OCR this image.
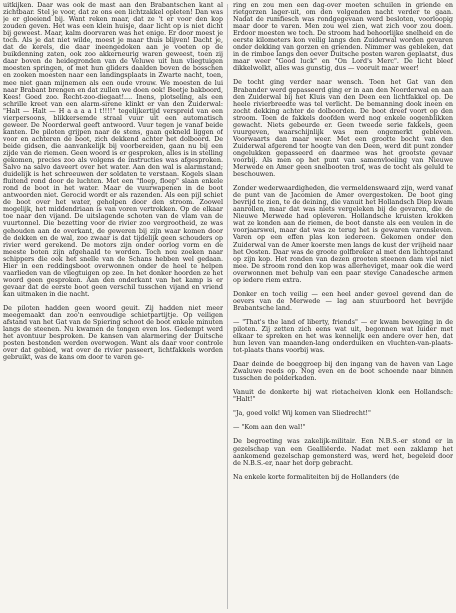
uitkijken. Daar was ook de mast aan den Brabantschen kant al zichtbaar. Stel je voor, dat ze ons een lichtzakkel opleten! Dan was je er gloeiend bij. Want reken maar, dat ze 't er voor den kop zouden geven. Het was een klein huisje, daar licht op is niet dicht bij geweest. Maar, kalm doorvaren was het enige. Er door moest je toch. Als je dat niet wilde, moest je maar thuis blijven! Dacht je, dat de kerels, die daar ineengedoken aan je voeten op de buikdenning zaten, ook zoo akkerneurig waren geweest, toen zij daar boven de heidegronden van de Veluwe uit hun vliegtuigen moesten springen, of met hun gliders daalden boven de bosschen en zooken moesten naar een landingsplaats in Zwarte nacht, toen, mee niet gaan mijnemen als een oude vrouw. We moesten de lui naar Brabant brengen en dat zullen we doen ook! Beetje bakboord, Kees! Goed zoo. Recht-zoo-diegaat!.... Inens, plotseling, als een schrille kreet van een alarm-sirene klinkt er van den Zuiderwal: "Halt — Halt — H a a a a l t!!!!" tegelijkertijd verspreid van een vierpersoons, blikkersemde straal vuur uit een automatisch geweer. De Noorderwal geeft antwoord. Vuur tegen je vanaf beide kanten. De piloten grijpen naar de stens, gaan gekneld liggen of voor en achteren de boot, zich dekkend achter het dolboord. De beide gidsen, die aanvankelijk bij voorbereiden, gaan nu bij een zijde van de riemen. Geen woord is er gesproken, alles is in stelling gekomen, precies zoo als volgens de instructies was afgesproken. Salvo na salvo daveert over het water. Aan den wal is alarmstand; duidelijk is het schreeuwen der soldaten te verstaan. Kogels slaan fluitend rond door de luchten. Met een "floep, floep" slaan enkele rond de boot in het water. Maar de vuurwapenen in de boot antwoorden niet. Gerocid wordt er als razenden. Als een pijl schiet de boot over het water, geholpen door den stroom. Zoowel mogelijk, het middendriaan is van voren vertrokken. Op de elkaar toe naar den vijand. De uitslagende schoten van de vlam van de vuurtonnel. Die bezetting voor de rivier zoo vergrootheid, ze was gehouden aan de overkant, de geweren bij zijn waar komen door de dekken en de wal, zoo zwaar is dat tijdelijk geen schouders op rivier werd gerekend. De motors zijn onder oorlog vorm en de meeste boten zijn afgehaald te worden. Toch nou zoeken naar schippers die ook het snelle van de Schans hebben wel gedaan. Hier in een reddingsboot overwonnen onder de heel te helpen vaarlieden van de vliegtuigen op zee. In het donker hoorden ze het woord geen gesproken. Aan den onderkant van het kamp is er gevaar dat de eerste boot geen verschil tusschen vijand en vriend kan uitmaken in die nacht.

De piloten hadden geen woord geuit. Zij hadden niet meer meegemaakt dan zoo'n eenvoudige schietpartijtje. Op veiligen afstand van het Gat van de Spiering schoot de boot enkele minuten langs de steenen. Nu kwamen de tongen even los. Gedempt werd het avontuur besproken. De kansen van alarmering der Duitsche posten bestonden werden overwogen. Want als daar voor controle over dat gebied, wat over de rivier passeert, lichtfakkels worden gebruikt, was de kans om door te varen ge-

ring en zou men een dag-over moeten schuilen in griende en rietgorzen lager-uit, om den volgenden nacht verder te gaan. Nadat de rumfiesch was rondgegevaan werd besloten, voorloopig maar door te varen. Men zou wel zien, wat zich voor zou doen. Erdoor moesten we toch. De stroom had behoorlijke snelheid en de eerste kilometers kon veilig langs den Zuiderwal worden gevaren onder dekking van gorzen en grienden. Nimmer was gebleken, dat in de rimboe langs den oever Duitsche posten waren geplaatst, dus maar weer "Good luck" en "On Lord's Merc". De licht bleef dikkelwolkt, alles was gunstig, dus — vooruit maar weer!

De tocht ging verder naar wensch. Toen het Gat van den Brabander werd gepasseerd ging er in aan den Noorderwal en aan den Zuiderwal bij het Kluis van den Deen een lichtfakkel op. De heele rivierbreedte was tel verlicht. De bemanning dook ineen en zocht dekking achter de dolboorden. De boot dreef voort op den stroom. Toen de fakkels doofden werd nog enkele oogenblikken gewacht. Niets gebeurde er. Geen tweede serie fakkels, geen vuurgeven, waarschijnlijk was men ongemerkt gebleven. Voorwaarts dan maar weer. Met een grootte bocht van den Zuiderwal afgerend ter hoogte van den Deen, werd dit punt zonder ongelukken gepasseerd en daarmee was het grootste gevaar voorbij. Als men op het punt van samenvloeiing van Nieuwe Merwede en Amer geen snelbooten trof, was de tocht als geluld te beschouwen.

Zonder wederwaardigheden, die vermeldenswaard zijn, werd vanaf de punt van de Jacomien de Amer overgestoken. De boot ging bevrijd te zien, te de deining, die vanuit het Hollandsch Diep kwam aanrollen, maar dat was niets vergeleken bij de gevaren, die de Nieuwe Merwede had opleveren. Hollandsche kruisten krokken wat ze konden aan de riemen, de boot danste als een veulen in de voorjaarswei, maar dat was ze terug het is gewaren varensleven. Varen op een effen plas kon iedereen. Gekomen onder den Zuiderwal van de Amer koerste men langs de kust der vrijheid naar het Oosten. Daar was de groote golfbreker al met den lichtopstand op zijn kop. Het ronden van dezen grooten steenen dam viel niet mee. De stroom rond den kop was allerheviget, maar ook die werd overwonnen met behulp van een paar stevige Canadesche armen op iedere riem extra.

Donker en toch veilig — een heel ander gevoel gevend dan de oevers van de Merwede — lag aan stuurboord het bevrijde Brabantsche land.

— "That's the land of liberty, friends" — er kwam beweging in de piloten. Zij zetten zich eens wat uit, begonnen wat luider met elkaar te spreken en het was kennelijk een andere over hen, dat hun leven van maanden-lang onderduiken en vluchten-van-plaats-tot-plaats thans voorbij was.

Daar deinde de boeggroep bij den ingang van de haven van Lage Zwaluwe reeds op. Nog even en de boot schoende naar binnen tusschen de polderkaden.

Vanuit de donkerte bij wat rietacheiven klonk een Hollandsch: "Halt!"

"Ja, goed volk! Wij komen van Sliedrecht!"

— "Kom aan den wal!"

De begroeting was zakelijk-militair. Een N.B.S.-er stond er in gezelschap van een Gealliëerde. Nadat met een zaklamp het aankomend gezelschap gemonsterd was, werd het, begeleid door de N.B.S.-er, naar het dorp gebracht.

Na enkele korte formaliteiten bij de Hollanders (de
